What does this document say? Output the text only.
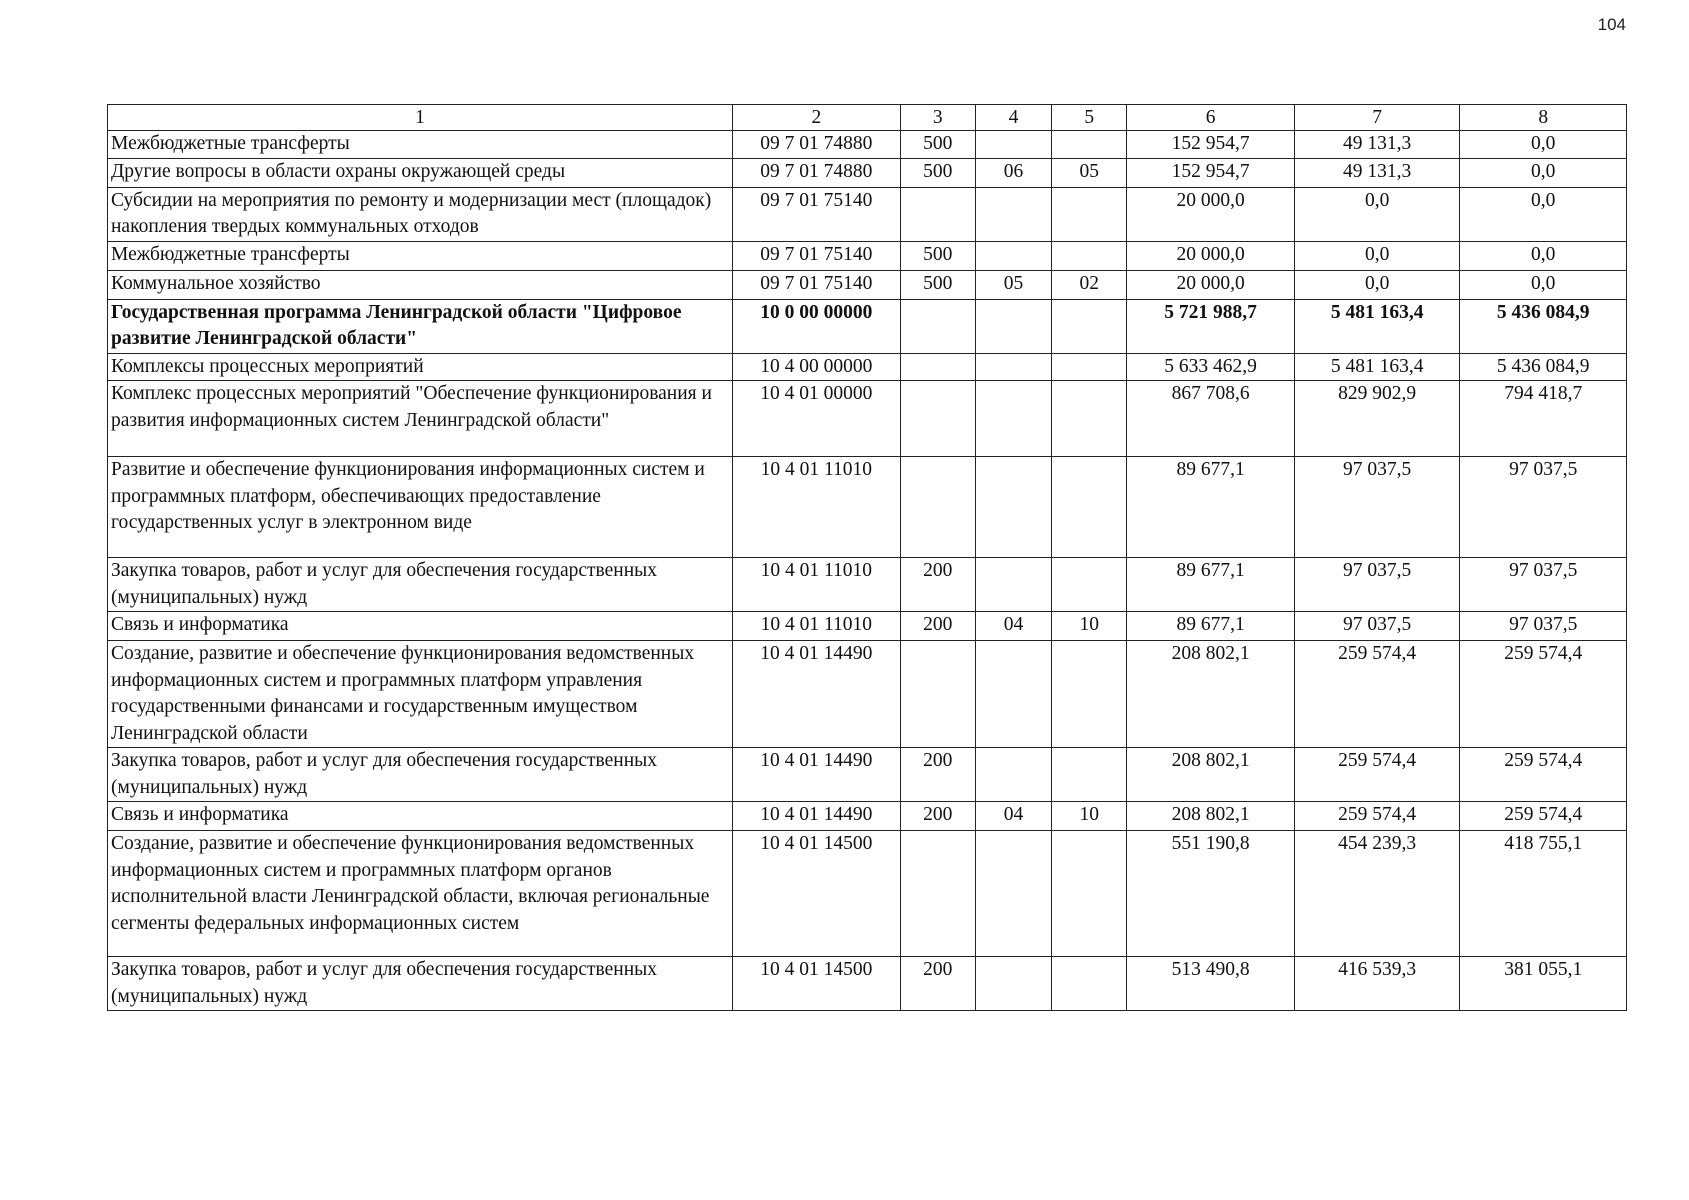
104
1	2	3	4	5	6	7	8
Межбюджетные трансферты	09 7 01 74880	500			152 954,7	49 131,3	0,0
Другие вопросы в области охраны окружающей среды	09 7 01 74880	500	06	05	152 954,7	49 131,3	0,0
Субсидии на мероприятия по ремонту и модернизации мест (площадок) накопления твердых коммунальных отходов	09 7 01 75140				20 000,0	0,0	0,0
Межбюджетные трансферты	09 7 01 75140	500			20 000,0	0,0	0,0
Коммунальное хозяйство	09 7 01 75140	500	05	02	20 000,0	0,0	0,0
Государственная программа Ленинградской области "Цифровое развитие Ленинградской области"	10 0 00 00000				5 721 988,7	5 481 163,4	5 436 084,9
Комплексы процессных мероприятий	10 4 00 00000				5 633 462,9	5 481 163,4	5 436 084,9
Комплекс процессных мероприятий "Обеспечение функционирования и развития информационных систем Ленинградской области"	10 4 01 00000				867 708,6	829 902,9	794 418,7
Развитие и обеспечение функционирования информационных систем и программных платформ, обеспечивающих предоставление государственных услуг в электронном виде	10 4 01 11010				89 677,1	97 037,5	97 037,5
Закупка товаров, работ и услуг для обеспечения государственных (муниципальных) нужд	10 4 01 11010	200			89 677,1	97 037,5	97 037,5
Связь и информатика	10 4 01 11010	200	04	10	89 677,1	97 037,5	97 037,5
Создание, развитие и обеспечение функционирования ведомственных информационных систем и программных платформ управления государственными финансами и государственным имуществом Ленинградской области	10 4 01 14490				208 802,1	259 574,4	259 574,4
Закупка товаров, работ и услуг для обеспечения государственных (муниципальных) нужд	10 4 01 14490	200			208 802,1	259 574,4	259 574,4
Связь и информатика	10 4 01 14490	200	04	10	208 802,1	259 574,4	259 574,4
Создание, развитие и обеспечение функционирования ведомственных информационных систем и программных платформ органов исполнительной власти Ленинградской области, включая региональные сегменты федеральных информационных систем	10 4 01 14500				551 190,8	454 239,3	418 755,1
Закупка товаров, работ и услуг для обеспечения государственных (муниципальных) нужд	10 4 01 14500	200			513 490,8	416 539,3	381 055,1
